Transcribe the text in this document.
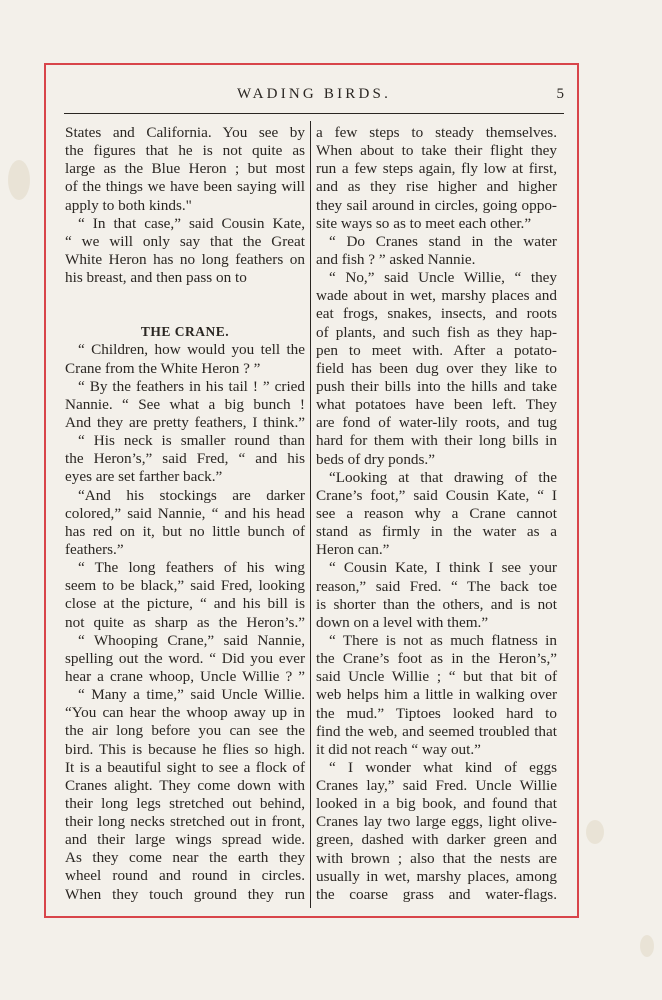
WADING BIRDS.	5
States and California. You see by
the figures that he is not quite as
large as the Blue Heron ; but most
of the things we have been saying will
apply to both kinds."
“ In that case,” said Cousin Kate,
“ we will only say that the Great
White Heron has no long feathers on
his breast, and then pass on to
THE CRANE.
“ Children, how would you tell the
Crane from the White Heron ? ”
“ By the feathers in his tail ! ” cried
Nannie. “ See what a big bunch !
And they are pretty feathers, I think.”
“ His neck is smaller round than
the Heron’s,” said Fred, “ and his
eyes are set farther back.”
“And his stockings are darker
colored,” said Nannie, “ and his head
has red on it, but no little bunch of
feathers.”
“ The long feathers of his wing
seem to be black,” said Fred, looking
close at the picture, “ and his bill is
not quite as sharp as the Heron’s.”
“ Whooping Crane,” said Nannie,
spelling out the word. “ Did you ever
hear a crane whoop, Uncle Willie ? ”
“ Many a time,” said Uncle Willie.
“You can hear the whoop away up in
the air long before you can see the
bird. This is because he flies so high.
It is a beautiful sight to see a flock of
Cranes alight. They come down with
their long legs stretched out behind,
their long necks stretched out in front,
and their large wings spread wide.
As they come near the earth they
wheel round and round in circles.
When they touch ground they run
a few steps to steady themselves.
When about to take their flight they
run a few steps again, fly low at first,
and as they rise higher and higher
they sail around in circles, going oppo-
site ways so as to meet each other.”
“ Do Cranes stand in the water
and fish ? ” asked Nannie.
“ No,” said Uncle Willie, “ they
wade about in wet, marshy places and
eat frogs, snakes, insects, and roots
of plants, and such fish as they hap-
pen to meet with. After a potato-
field has been dug over they like to
push their bills into the hills and take
what potatoes have been left. They
are fond of water-lily roots, and tug
hard for them with their long bills in
beds of dry ponds.”
“Looking at that drawing of the
Crane’s foot,” said Cousin Kate, “ I
see a reason why a Crane cannot
stand as firmly in the water as a
Heron can.”
“ Cousin Kate, I think I see your
reason,” said Fred. “ The back toe
is shorter than the others, and is not
down on a level with them.”
“ There is not as much flatness in
the Crane’s foot as in the Heron’s,”
said Uncle Willie ; “ but that bit of
web helps him a little in walking over
the mud.” Tiptoes looked hard to
find the web, and seemed troubled that
it did not reach “ way out.”
“ I wonder what kind of eggs
Cranes lay,” said Fred. Uncle Willie
looked in a big book, and found that
Cranes lay two large eggs, light olive-
green, dashed with darker green and
with brown ; also that the nests are
usually in wet, marshy places, among
the coarse grass and water-flags.
